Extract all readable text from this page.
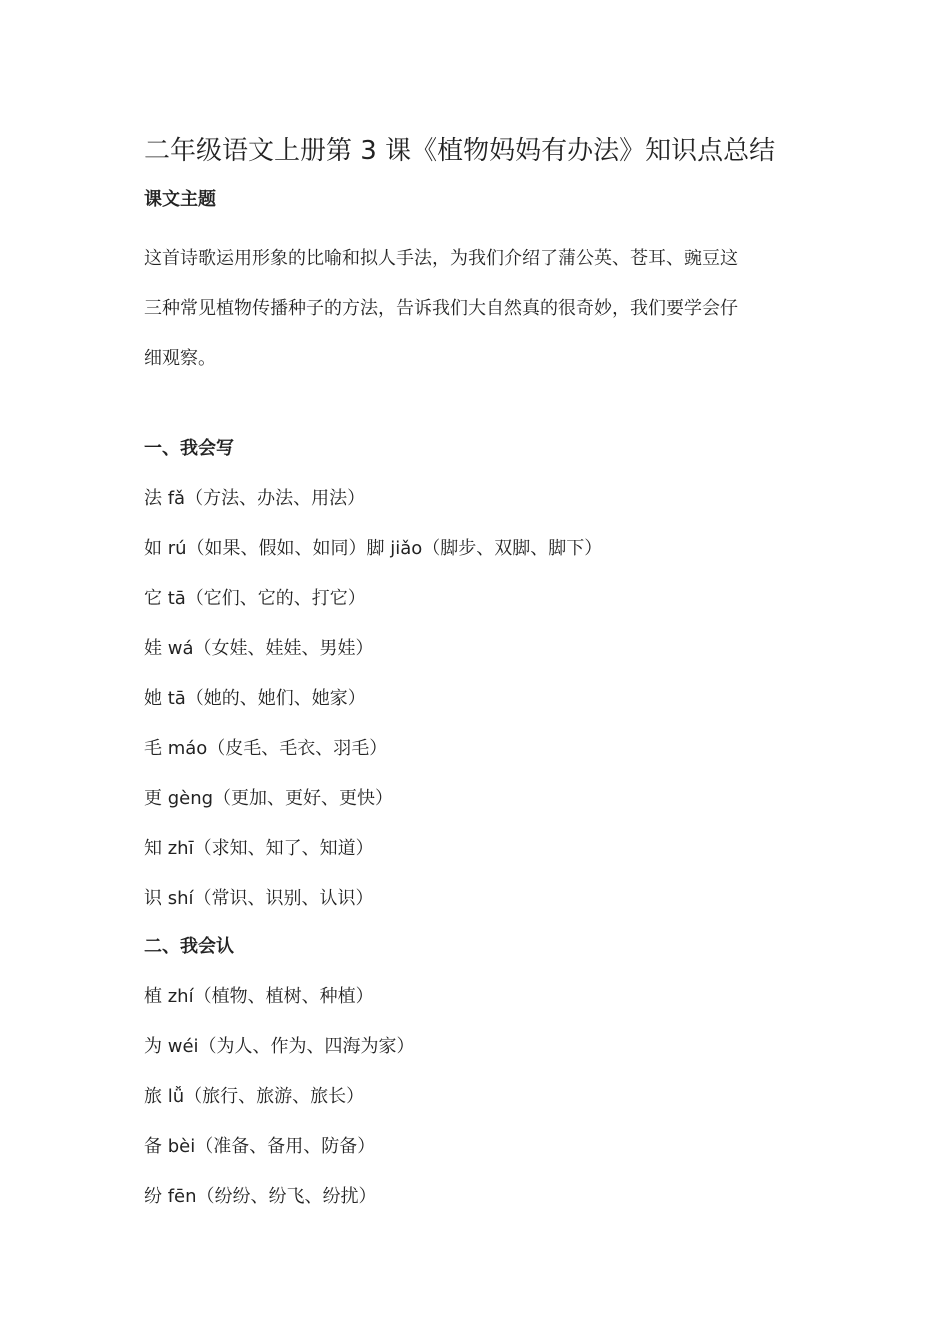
二年级语文上册第 3 课《植物妈妈有办法》知识点总结
课文主题
这首诗歌运用形象的比喻和拟人手法，为我们介绍了蒲公英、苍耳、豌豆这
三种常见植物传播种子的方法，告诉我们大自然真的很奇妙，我们要学会仔
细观察。
一、我会写
法 fǎ（方法、办法、用法）
如 rú（如果、假如、如同）脚 jiǎo（脚步、双脚、脚下）
它 tā（它们、它的、打它）
娃 wá（女娃、娃娃、男娃）
她 tā（她的、她们、她家）
毛 máo（皮毛、毛衣、羽毛）
更 gèng（更加、更好、更快）
知 zhī（求知、知了、知道）
识 shí（常识、识别、认识）
二、我会认
植 zhí（植物、植树、种植）
为 wéi（为人、作为、四海为家）
旅 lǚ（旅行、旅游、旅长）
备 bèi（准备、备用、防备）
纷 fēn（纷纷、纷飞、纷扰）
